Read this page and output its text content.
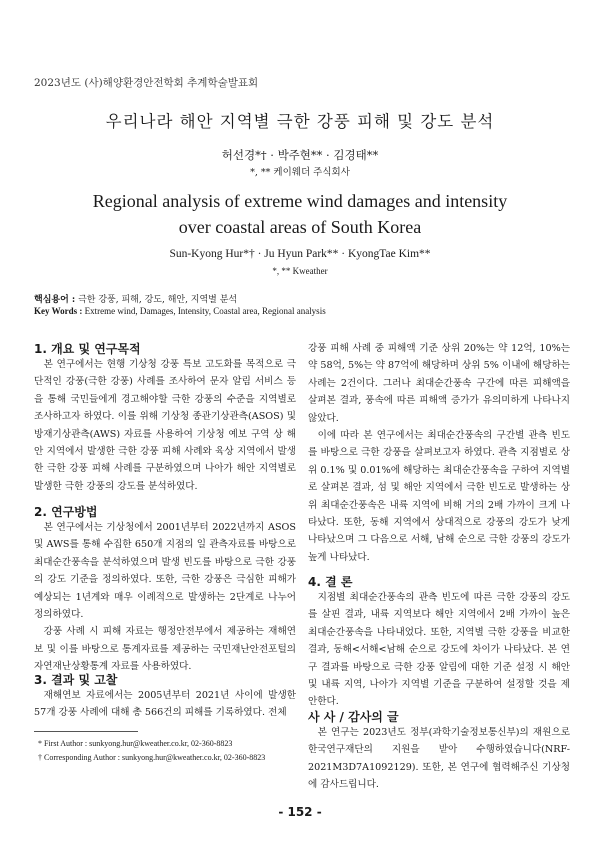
2023년도 (사)해양환경안전학회 추계학술발표회
우리나라 해안 지역별 극한 강풍 피해 및 강도 분석
허선경*† · 박주현** · 김경태**
*, ** 케이웨더 주식회사
Regional analysis of extreme wind damages and intensity
over coastal areas of South Korea
Sun-Kyong Hur*† · Ju Hyun Park** · KyongTae Kim**
*, ** Kweather
핵심용어 : 극한 강풍, 피해, 강도, 해안, 지역별 분석
Key Words : Extreme wind, Damages, Intensity, Coastal area, Regional analysis
1. 개요 및 연구목적

본 연구에서는 현행 기상청 강풍 특보 고도화를 목적으로 극단적인 강풍(극한 강풍) 사례를 조사하여 문자 알림 서비스 등을 통해 국민들에게 경고해야할 극한 강풍의 수준을 지역별로 조사하고자 하였다. 이를 위해 기상청 종관기상관측(ASOS) 및 방재기상관측(AWS) 자료를 사용하여 기상청 예보 구역 상 해안 지역에서 발생한 극한 강풍 피해 사례와 육상 지역에서 발생한 극한 강풍 피해 사례를 구분하였으며 나아가 해안 지역별로 발생한 극한 강풍의 강도를 분석하였다.

2. 연구방법

본 연구에서는 기상청에서 2001년부터 2022년까지 ASOS 및 AWS를 통해 수집한 650개 지점의 일 관측자료를 바탕으로 최대순간풍속을 분석하였으며 발생 빈도를 바탕으로 극한 강풍의 강도 기준을 정의하였다. 또한, 극한 강풍은 극심한 피해가 예상되는 1년계와 매우 이례적으로 발생하는 2단계로 나누어 정의하였다.

강풍 사례 시 피해 자료는 행정안전부에서 제공하는 재해연보 및 이를 바탕으로 통계자료를 제공하는 국민재난안전포털의 자연재난상황통계 자료를 사용하였다.

3. 결과 및 고찰

재해연보 자료에서는 2005년부터 2021년 사이에 발생한 57개 강풍 사례에 대해 총 566건의 피해를 기록하였다. 전체

* First Author : sunkyong.hur@kweather.co.kr, 02-360-8823
† Corresponding Author : sunkyong.hur@kweather.co.kr, 02-360-8823

강풍 피해 사례 중 피해액 기준 상위 20%는 약 12억, 10%는 약 58억, 5%는 약 87억에 해당하며 상위 5% 이내에 해당하는 사례는 2건이다. 그러나 최대순간풍속 구간에 따른 피해액을 살펴본 결과, 풍속에 따른 피해액 증가가 유의미하게 나타나지 않았다.

이에 따라 본 연구에서는 최대순간풍속의 구간별 관측 빈도를 바탕으로 극한 강풍을 살펴보고자 하였다. 관측 지점별로 상위 0.1% 및 0.01%에 해당하는 최대순간풍속을 구하여 지역별로 살펴본 결과, 섬 및 해안 지역에서 극한 빈도로 발생하는 상위 최대순간풍속은 내륙 지역에 비해 거의 2배 가까이 크게 나타났다. 또한, 동해 지역에서 상대적으로 강풍의 강도가 낮게 나타났으며 그 다음으로 서해, 남해 순으로 극한 강풍의 강도가 높게 나타났다.

4. 결 론

지점별 최대순간풍속의 관측 빈도에 따른 극한 강풍의 강도를 살핀 결과, 내륙 지역보다 해안 지역에서 2배 가까이 높은 최대순간풍속을 나타내었다. 또한, 지역별 극한 강풍을 비교한 결과, 동해<서해<남해 순으로 강도에 차이가 나타났다. 본 연구 결과를 바탕으로 극한 강풍 알림에 대한 기준 설정 시 해안 및 내륙 지역, 나아가 지역별 기준을 구분하여 설정할 것을 제안한다.

사 사 / 감사의 글

본 연구는 2023년도 정부(과학기술정보통신부)의 재원으로 한국연구재단의 지원을 받아 수행하였습니다(NRF-2021M3D7A1092129). 또한, 본 연구에 협력해주신 기상청에 감사드립니다.

- 152 -
